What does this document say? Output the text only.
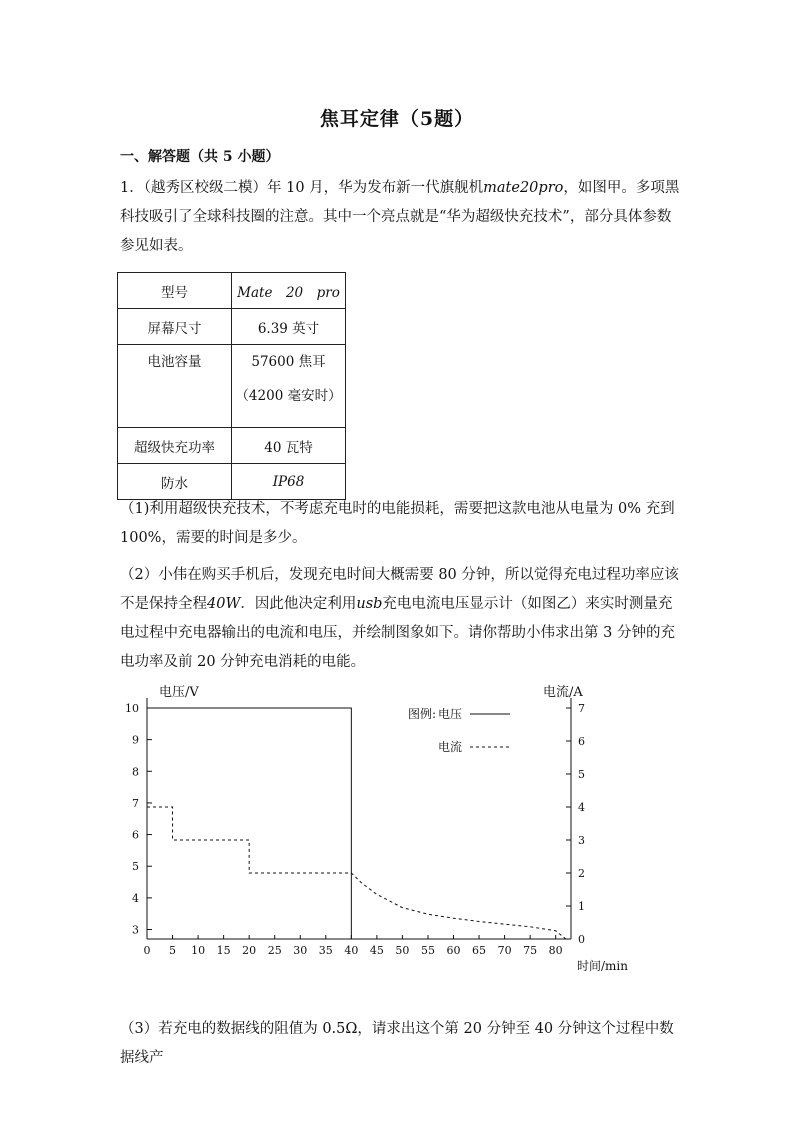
焦耳定律（5题）
一、解答题（共 5 小题）
1．（越秀区校级二模）年 10 月，华为发布新一代旗舰机mate20pro，如图甲。多项黑科技吸引了全球科技圈的注意。其中一个亮点就是“华为超级快充技术”，部分具体参数参见如表。
型号	Mate　20　pro
屏幕尺寸	6.39 英寸

电池容量	57600 焦耳
（4200 毫安时）

超级快充功率	40 瓦特
防水	IP68
（1)利用超级快充技术，不考虑充电时的电能损耗，需要把这款电池从电量为 0% 充到 100%，需要的时间是多少。
（2）小伟在购买手机后，发现充电时间大概需要 80 分钟，所以觉得充电过程功率应该不是保持全程40W．因此他决定利用usb充电电流电压显示计（如图乙）来实时测量充电过程中充电器输出的电流和电压，并绘制图象如下。请你帮助小伟求出第 3 分钟的充电功率及前 20 分钟充电消耗的电能。
电压/V	电流/A
时间/min
3
4
5
6
7
8
9
10
0
1
2
3
4
5
6
7
0 5 10 15 20 25 30 35 40 45 50 55 60 65 70 75 80
图例: 电压
电流
（3）若充电的数据线的阻值为 0.5Ω，请求出这个第 20 分钟至 40 分钟这个过程中数据线产
